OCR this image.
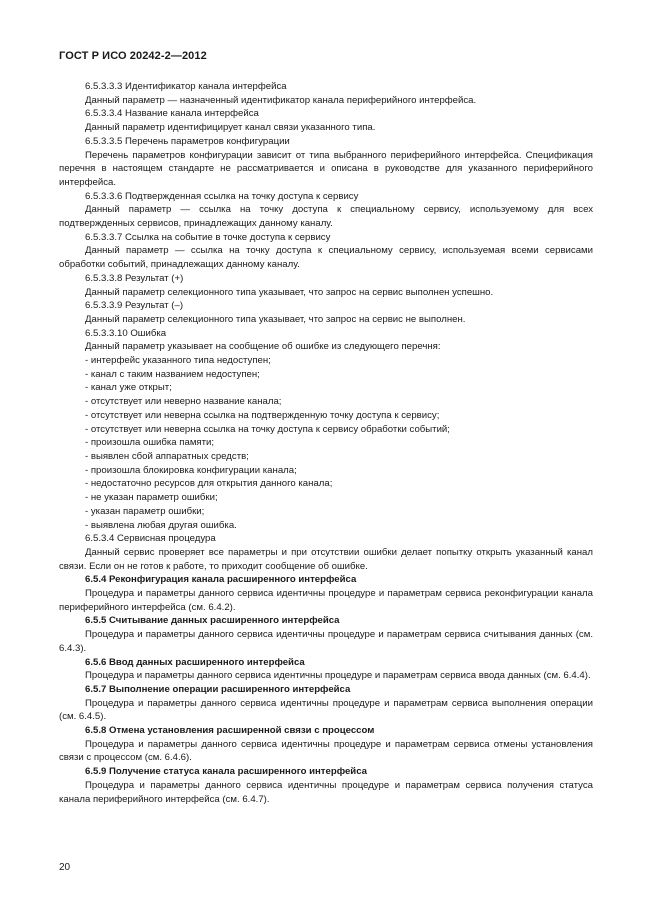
ГОСТ Р ИСО 20242-2—2012

6.5.3.3.3 Идентификатор канала интерфейса

Данный параметр — назначенный идентификатор канала периферийного интерфейса.

6.5.3.3.4 Название канала интерфейса

Данный параметр идентифицирует канал связи указанного типа.

6.5.3.3.5 Перечень параметров конфигурации

Перечень параметров конфигурации зависит от типа выбранного периферийного интерфейса. Спецификация перечня в настоящем стандарте не рассматривается и описана в руководстве для указанного периферийного интерфейса.

6.5.3.3.6 Подтвержденная ссылка на точку доступа к сервису

Данный параметр — ссылка на точку доступа к специальному сервису, используемому для всех подтвержденных сервисов, принадлежащих данному каналу.

6.5.3.3.7 Ссылка на событие в точке доступа к сервису

Данный параметр — ссылка на точку доступа к специальному сервису, используемая всеми сервисами обработки событий, принадлежащих данному каналу.

6.5.3.3.8 Результат (+)

Данный параметр селекционного типа указывает, что запрос на сервис выполнен успешно.

6.5.3.3.9 Результат (–)

Данный параметр селекционного типа указывает, что запрос на сервис не выполнен.

6.5.3.3.10 Ошибка

Данный параметр указывает на сообщение об ошибке из следующего перечня:

- интерфейс указанного типа недоступен;

- канал с таким названием недоступен;

- канал уже открыт;

- отсутствует или неверно название канала;

- отсутствует или неверна ссылка на подтвержденную точку доступа к сервису;

- отсутствует или неверна ссылка на точку доступа к сервису обработки событий;

- произошла ошибка памяти;

- выявлен сбой аппаратных средств;

- произошла блокировка конфигурации канала;

- недостаточно ресурсов для открытия данного канала;

- не указан параметр ошибки;

- указан параметр ошибки;

- выявлена любая другая ошибка.

6.5.3.4 Сервисная процедура

Данный сервис проверяет все параметры и при отсутствии ошибки делает попытку открыть указанный канал связи. Если он не готов к работе, то приходит сообщение об ошибке.

6.5.4 Реконфигурация канала расширенного интерфейса

Процедура и параметры данного сервиса идентичны процедуре и параметрам сервиса реконфигурации канала периферийного интерфейса (см. 6.4.2).

6.5.5 Считывание данных расширенного интерфейса

Процедура и параметры данного сервиса идентичны процедуре и параметрам сервиса считывания данных (см. 6.4.3).

6.5.6 Ввод данных расширенного интерфейса

Процедура и параметры данного сервиса идентичны процедуре и параметрам сервиса ввода данных (см. 6.4.4).

6.5.7 Выполнение операции расширенного интерфейса

Процедура и параметры данного сервиса идентичны процедуре и параметрам сервиса выполнения операции (см. 6.4.5).

6.5.8 Отмена установления расширенной связи с процессом

Процедура и параметры данного сервиса идентичны процедуре и параметрам сервиса отмены установления связи с процессом (см. 6.4.6).

6.5.9 Получение статуса канала расширенного интерфейса

Процедура и параметры данного сервиса идентичны процедуре и параметрам сервиса получения статуса канала периферийного интерфейса (см. 6.4.7).

20
